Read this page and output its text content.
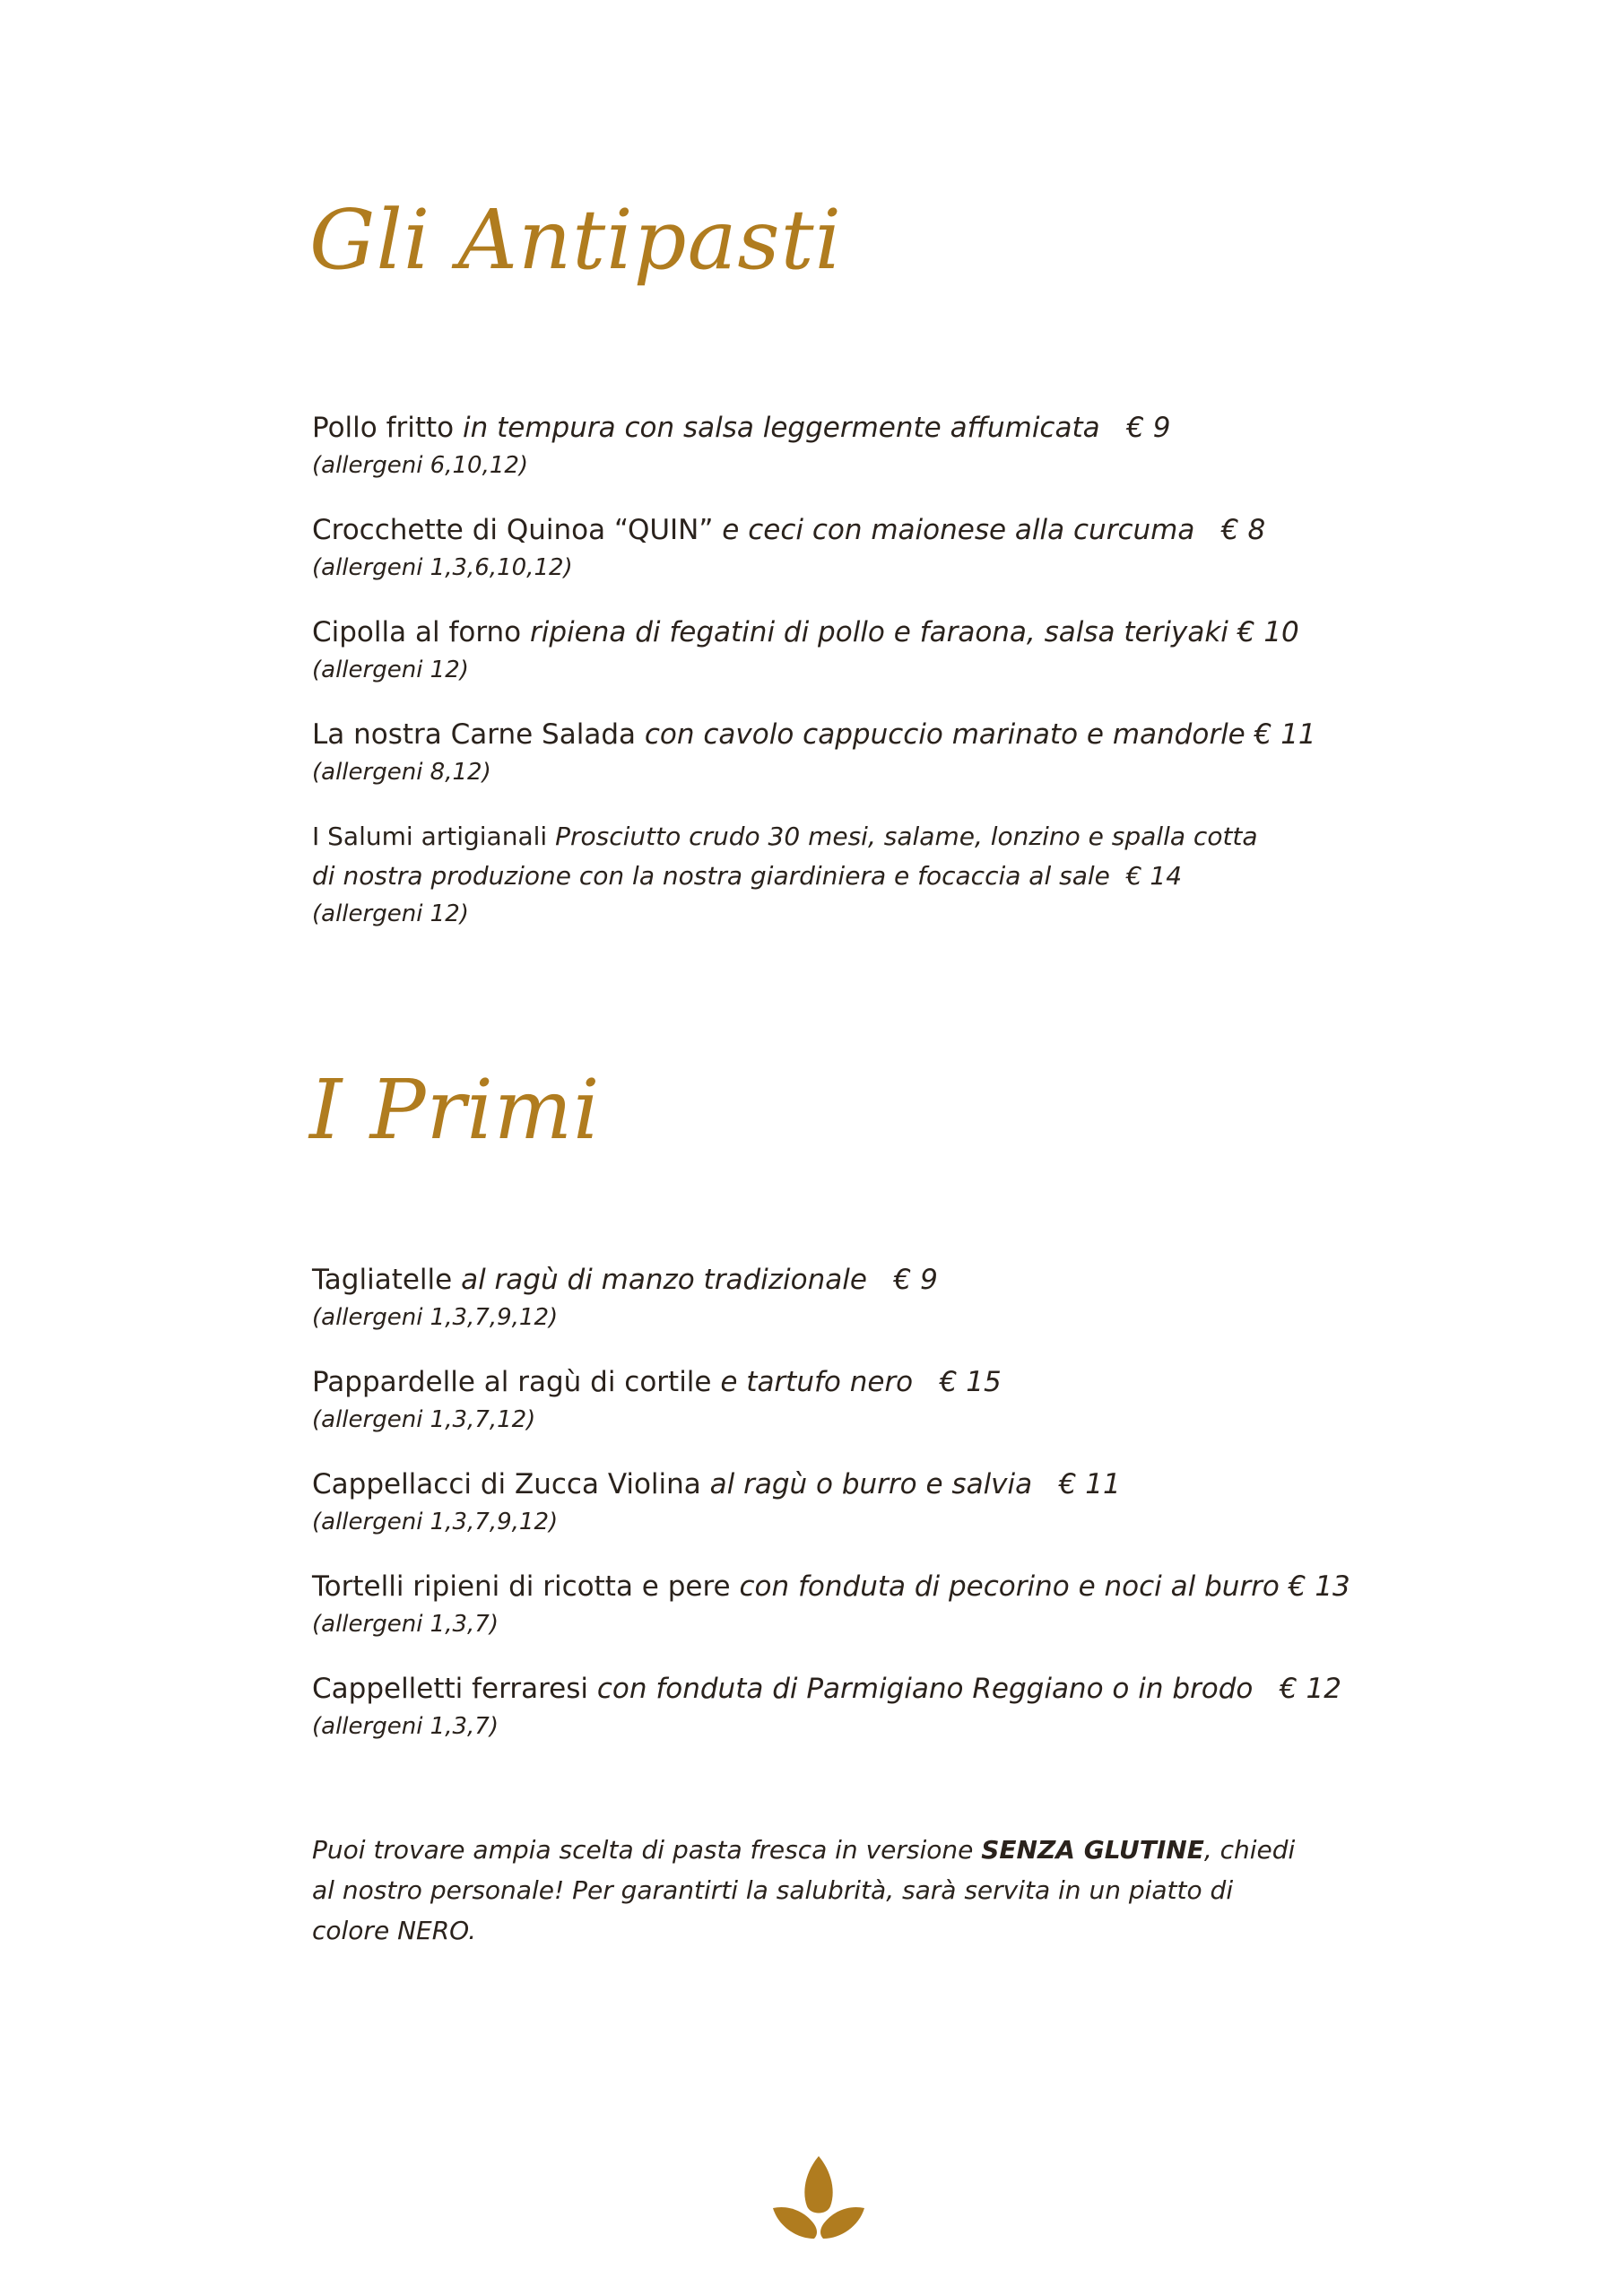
Gli Antipasti
Pollo fritto in tempura con salsa leggermente affumicata € 9
(allergeni 6,10,12)
Crocchette di Quinoa “QUIN” e ceci con maionese alla curcuma € 8
(allergeni 1,3,6,10,12)
Cipolla al forno ripiena di fegatini di pollo e faraona, salsa teriyaki € 10
(allergeni 12)
La nostra Carne Salada con cavolo cappuccio marinato e mandorle € 11
(allergeni 8,12)
I Salumi artigianali Prosciutto crudo 30 mesi, salame, lonzino e spalla cotta di nostra produzione con la nostra giardiniera e focaccia al sale € 14
(allergeni 12)
I Primi
Tagliatelle al ragù di manzo tradizionale € 9
(allergeni 1,3,7,9,12)
Pappardelle al ragù di cortile e tartufo nero € 15
(allergeni 1,3,7,12)
Cappellacci di Zucca Violina al ragù o burro e salvia € 11
(allergeni 1,3,7,9,12)
Tortelli ripieni di ricotta e pere con fonduta di pecorino e noci al burro € 13
(allergeni 1,3,7)
Cappelletti ferraresi con fonduta di Parmigiano Reggiano o in brodo € 12
(allergeni 1,3,7)

Puoi trovare ampia scelta di pasta fresca in versione SENZA GLUTINE, chiedi al nostro personale! Per garantirti la salubrità, sarà servita in un piatto di colore NERO.
